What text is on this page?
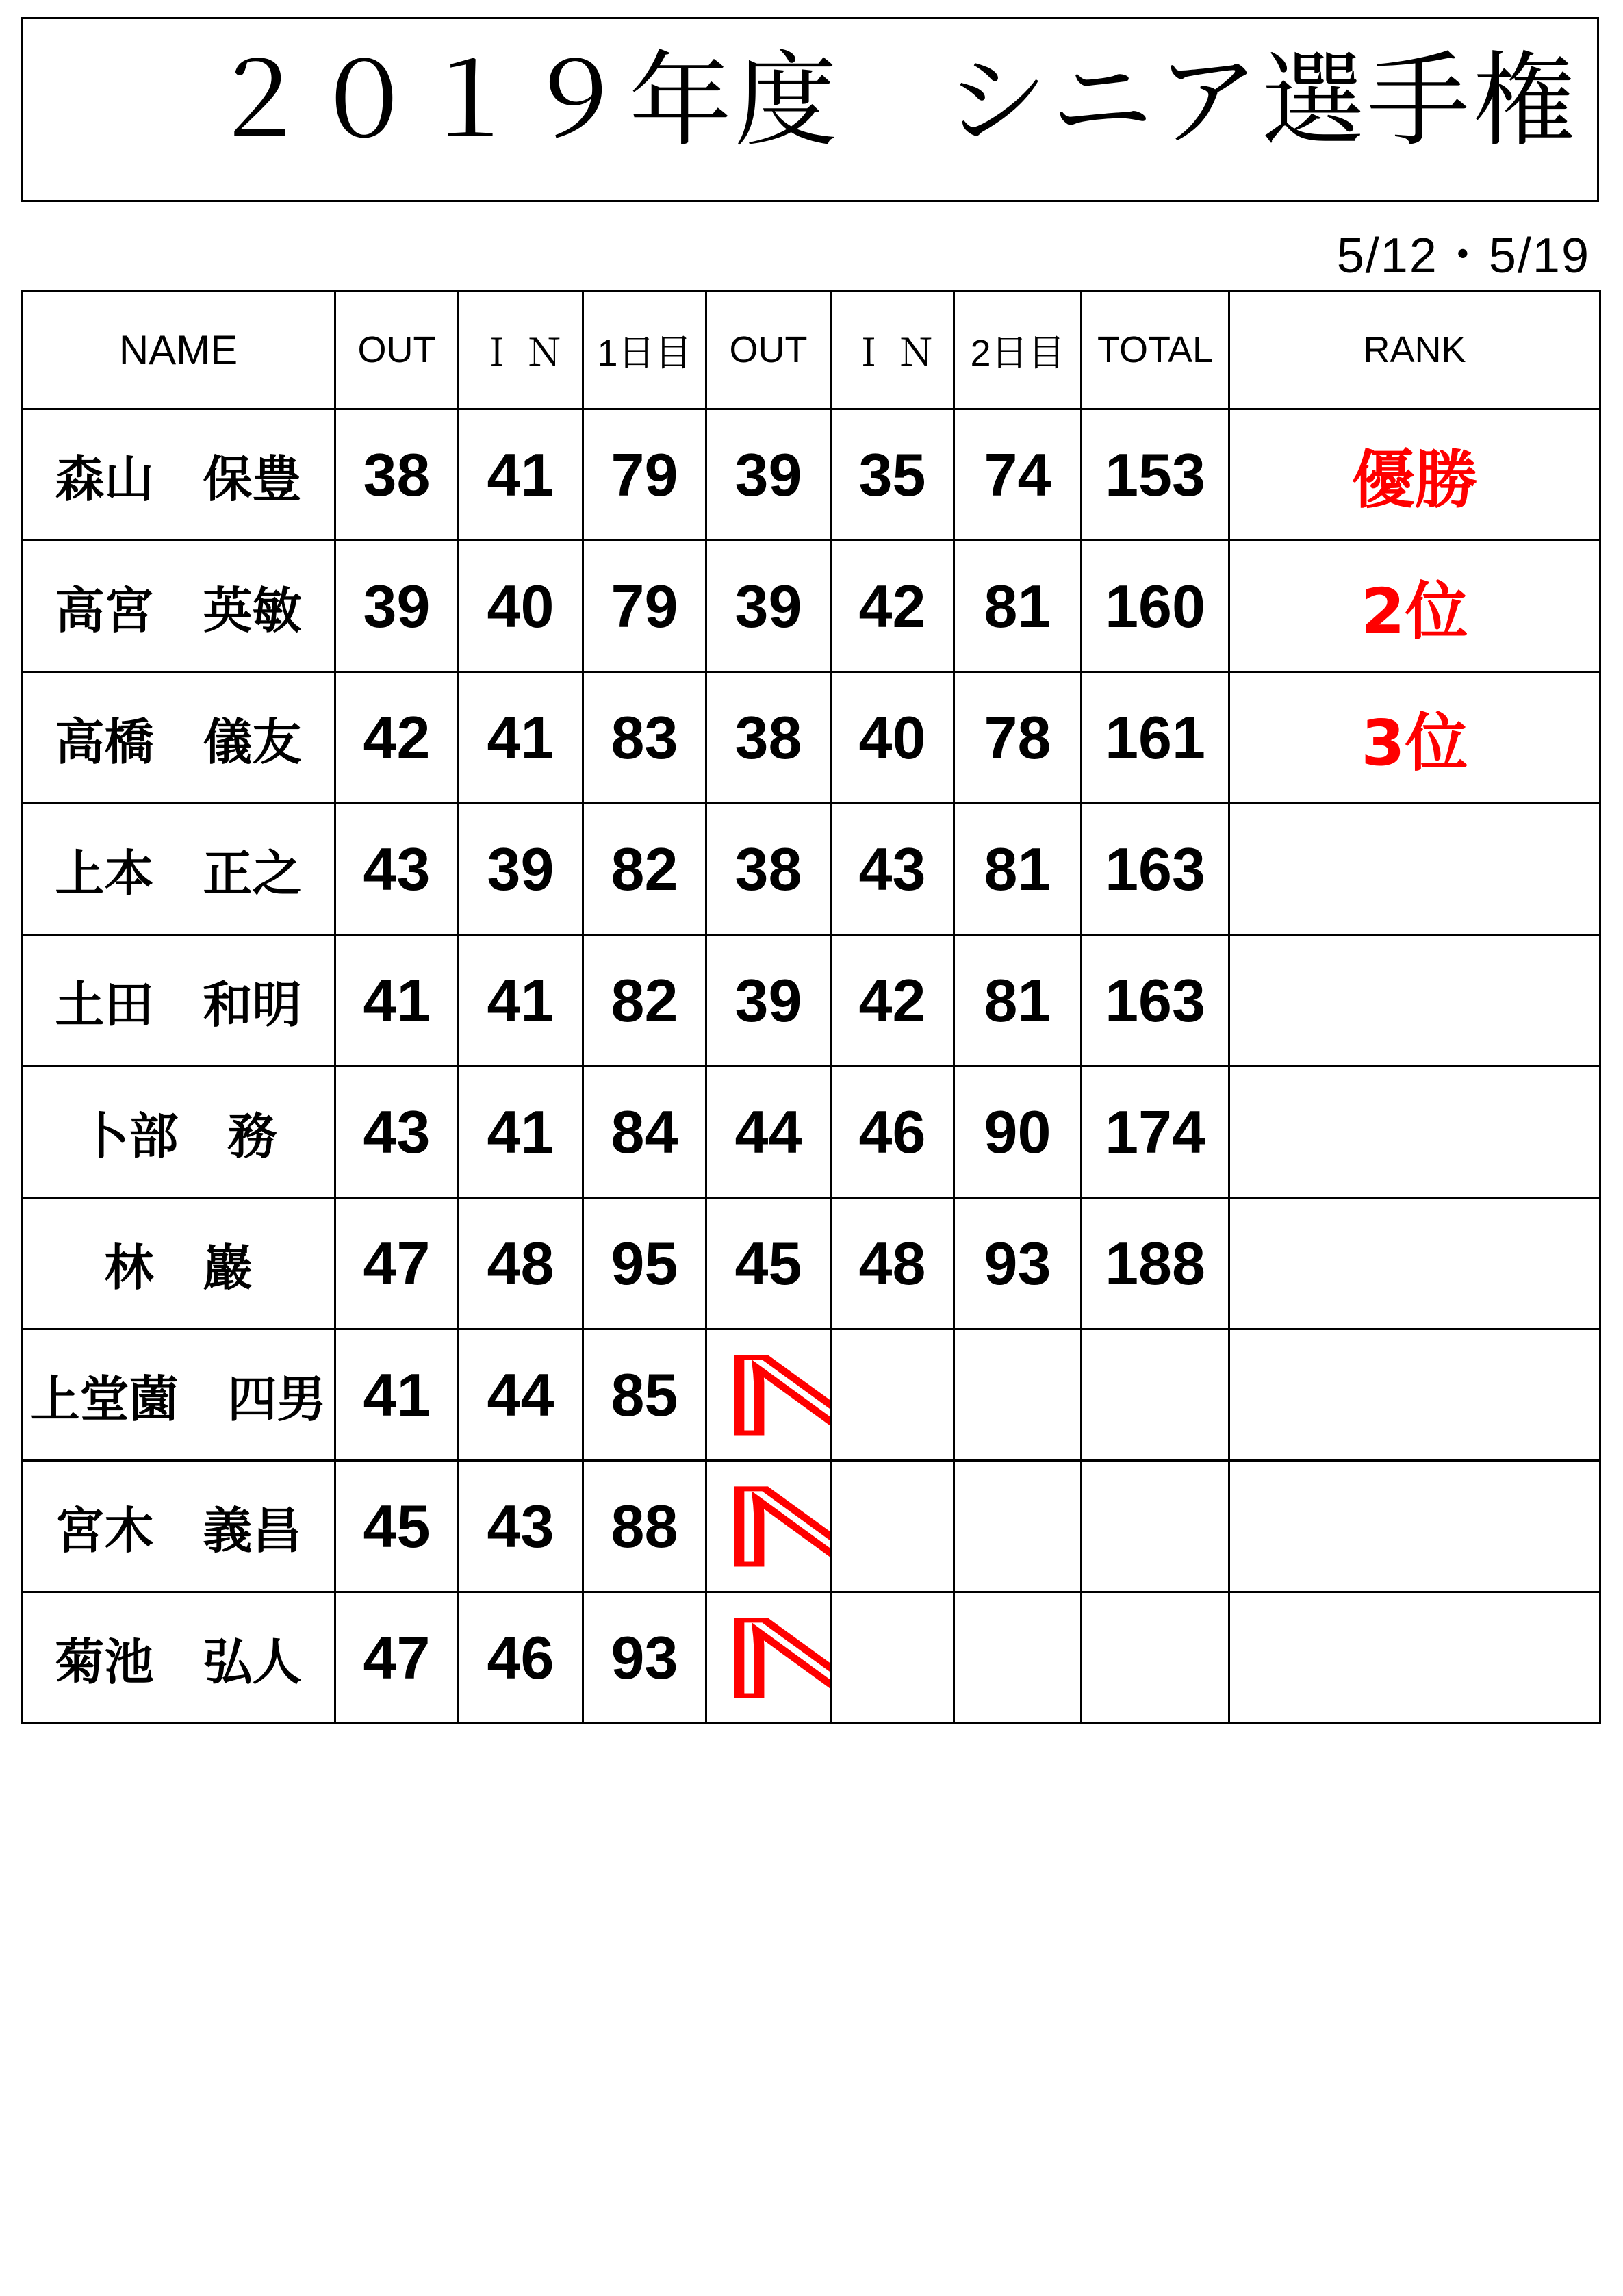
２０１９年度　シニア選手権
5/12・5/19
NAME	OUT	Ｉ Ｎ	1日目	OUT	Ｉ Ｎ	2日目	TOTAL	RANK
森山　保豊	38	41	79	39	35	74	153	優勝
高宮　英敏	39	40	79	39	42	81	160	2位
高橋　儀友	42	41	83	38	40	78	161	3位
上本　正之	43	39	82	38	43	81	163	
土田　和明	41	41	82	39	42	81	163	
卜部　務	43	41	84	44	46	90	174	
林　巖	47	48	95	45	48	93	188	
上堂薗　四男	41	44	85	N. R				

宮木　義昌	45	43	88	N. R				

菊池　弘人	47	46	93	N. R				
